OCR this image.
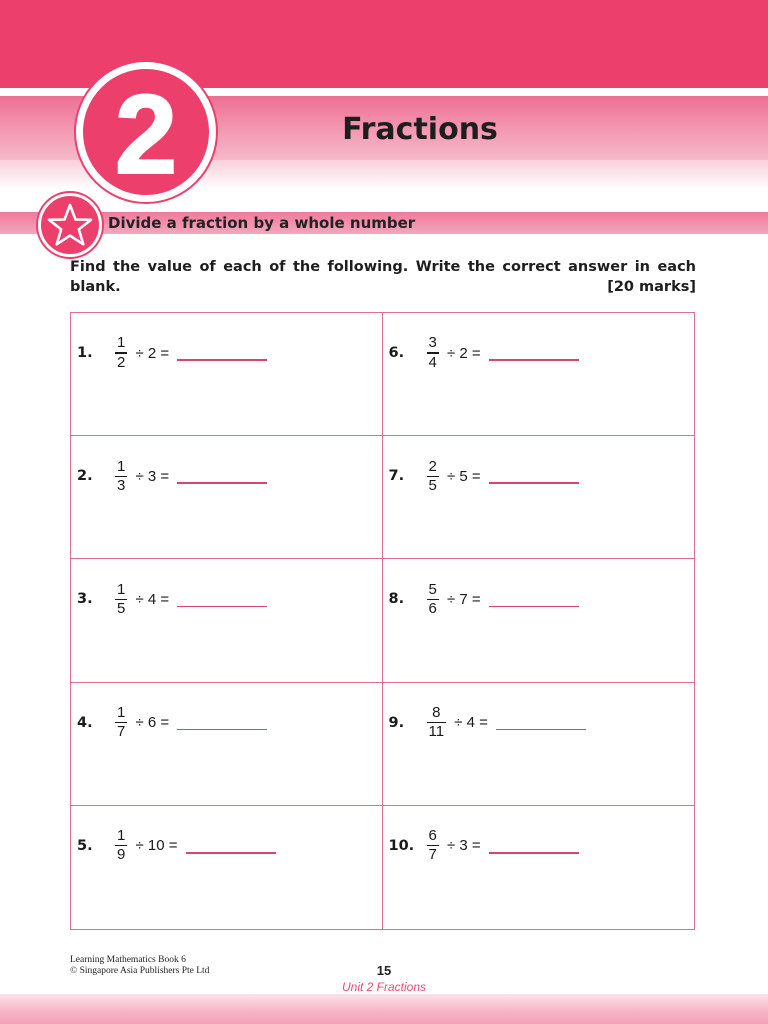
2	Fractions
Divide a fraction by a whole number

Find the value of each of the following. Write the correct answer in each blank.	[20 marks]
1.	$\frac{1}{2} \div 2$ =	6.	$\frac{3}{4} \div 2$ =
2.	$\frac{1}{3} \div 3$ =	7.	$\frac{2}{5} \div 5$ =
3.	$\frac{1}{5} \div 4$ =	8.	$\frac{5}{6} \div 7$ =
4.	$\frac{1}{7} \div 6$ =	9.	$\frac{8}{11} \div 4$ =
5.	$\frac{1}{9} \div 10$ =	10. $\frac{6}{7} \div 3$ =
Learning Mathematics Book 6
© Singapore Asia Publishers Pte Ltd	15
Unit 2 Fractions
